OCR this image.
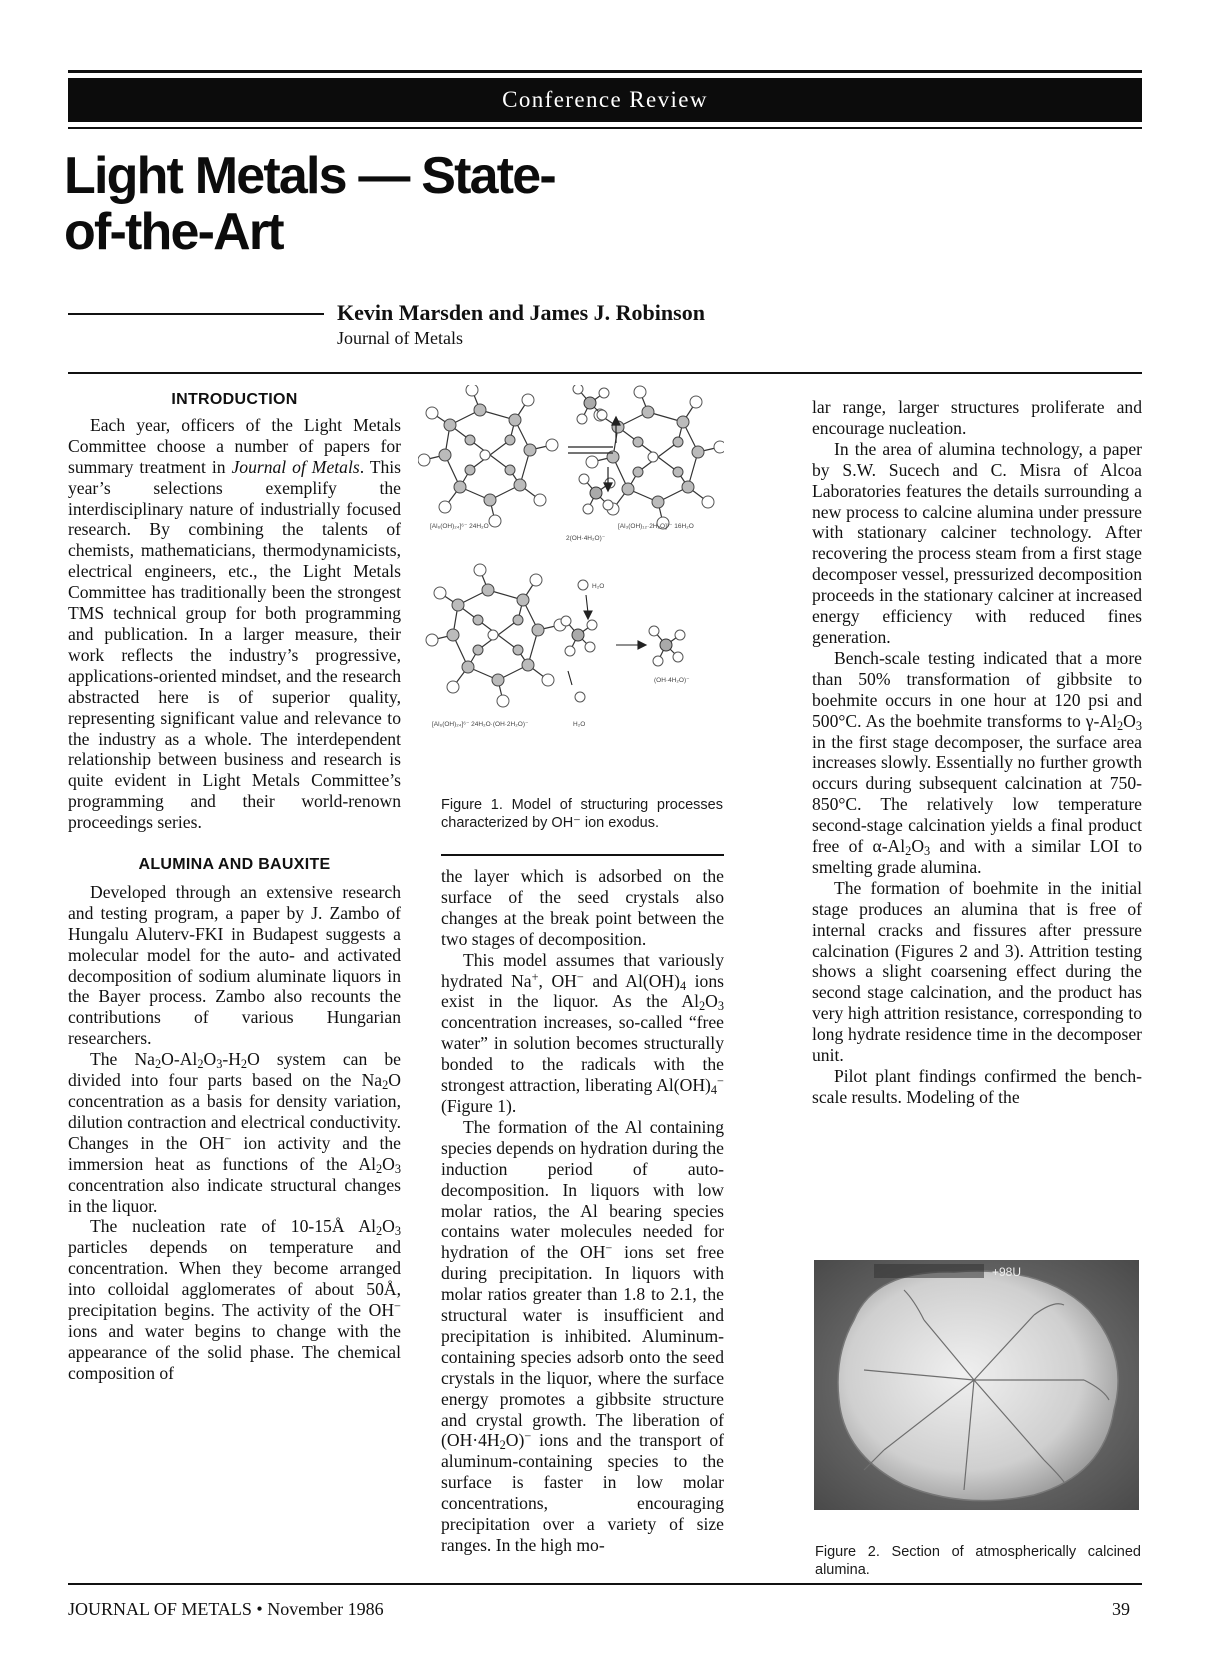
Conference Review
Light Metals — State-of-the-Art
Kevin Marsden and James J. Robinson
Journal of Metals
INTRODUCTION

Each year, officers of the Light Metals Committee choose a number of papers for summary treatment in Journal of Metals. This year’s selections exemplify the interdisciplinary nature of industrially focused research. By combining the talents of chemists, mathematicians, thermodynamicists, electrical engineers, etc., the Light Metals Committee has traditionally been the strongest TMS technical group for both programming and publication. In a larger measure, their work reflects the industry’s progressive, applications-oriented mindset, and the research abstracted here is of superior quality, representing significant value and relevance to the industry as a whole. The interdependent relationship between business and research is quite evident in Light Metals Committee’s programming and their world-renown proceedings series.

ALUMINA AND BAUXITE

Developed through an extensive research and testing program, a paper by J. Zambo of Hungalu Aluterv-FKI in Budapest suggests a molecular model for the auto- and activated decomposition of sodium aluminate liquors in the Bayer process. Zambo also recounts the contributions of various Hungarian researchers.

The $Na_2O-Al_2O_3-H_2O$ system can be divided into four parts based on the $Na_2O$ concentration as a basis for density variation, dilution contraction and electrical conductivity. Changes in the OH− ion activity and the immersion heat as functions of the $Al_2O_3$ concentration also indicate structural changes in the liquor.

The nucleation rate of 10-15Å $Al_2O_3$ particles depends on temperature and concentration. When they become arranged into colloidal agglomerates of about 50Å, precipitation begins. The activity of the OH− ions and water begins to change with the appearance of the solid phase. The chemical composition of

[Al₆(OH)₂₄]⁶⁻ 24H₂O
2(OH·4H₂O)⁻
[Al₃(OH)₁₂·2H₂O]³⁻ 16H₂O
H₂O
(OH·4H₂O)⁻
[Al₆(OH)₂₄]⁶⁻ 24H₂O·(OH·2H₂O)⁻	H₂O
Figure 1. Model of structuring processes characterized by OH⁻ ion exodus.

the layer which is adsorbed on the surface of the seed crystals also changes at the break point between the two stages of decomposition.

This model assumes that variously hydrated Na+, OH− and $Al(OH)_4$ ions exist in the liquor. As the $Al_2O_3$ concentration increases, so-called “free water” in solution becomes structurally bonded to the radicals with the strongest attraction, liberating $Al(OH)_4^-$ (Figure 1).

The formation of the Al containing species depends on hydration during the induction period of auto-decomposition. In liquors with low molar ratios, the Al bearing species contains water molecules needed for hydration of the OH− ions set free during precipitation. In liquors with molar ratios greater than 1.8 to 2.1, the structural water is insufficient and precipitation is inhibited. Aluminum-containing species adsorb onto the seed crystals in the liquor, where the surface energy promotes a gibbsite structure and crystal growth. The liberation of $(OH\cdot 4H_2O)^-$ ions and the transport of aluminum-containing species to the surface is faster in low molar concentrations, encouraging precipitation over a variety of size ranges. In the high mo-

lar range, larger structures proliferate and encourage nucleation.

In the area of alumina technology, a paper by S.W. Sucech and C. Misra of Alcoa Laboratories features the details surrounding a new process to calcine alumina under pressure with stationary calciner technology. After recovering the process steam from a first stage decomposer vessel, pressurized decomposition proceeds in the stationary calciner at increased energy efficiency with reduced fines generation.

Bench-scale testing indicated that a more than 50% transformation of gibbsite to boehmite occurs in one hour at 120 psi and 500°C. As the boehmite transforms to $\gamma-Al_2O_3$ in the first stage decomposer, the surface area increases slowly. Essentially no further growth occurs during subsequent calcination at 750-850°C. The relatively low temperature second-stage calcination yields a final product free of $\alpha-Al_2O_3$ and with a similar LOI to smelting grade alumina.

The formation of boehmite in the initial stage produces an alumina that is free of internal cracks and fissures after pressure calcination (Figures 2 and 3). Attrition testing shows a slight coarsening effect during the second stage calcination, and the product has very high attrition resistance, corresponding to long hydrate residence time in the decomposer unit.

Pilot plant findings confirmed the bench-scale results. Modeling of the

+98U
Figure 2. Section of atmospherically calcined alumina.
JOURNAL OF METALS • November 1986	39
